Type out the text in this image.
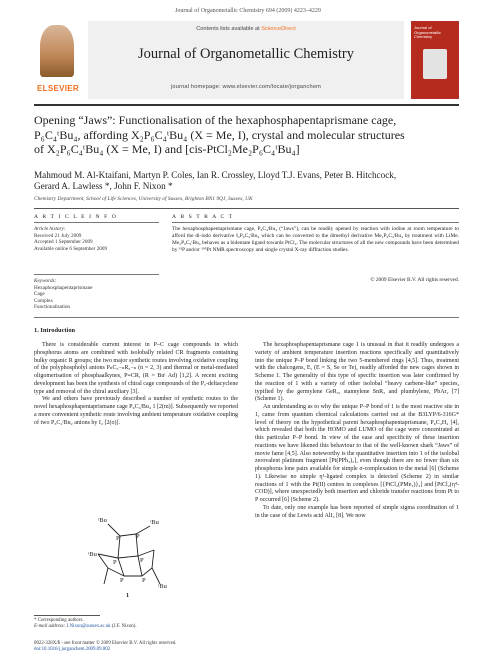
Journal of Organometallic Chemistry 694 (2009) 4223–4229
ELSEVIER
Contents lists available at ScienceDirect
Journal of Organometallic Chemistry
journal homepage: www.elsevier.com/locate/jorganchem
Journal of Organometallic Chemistry
Opening “Jaws”: Functionalisation of the hexaphosphapentaprismane cage,
P₆C₄ᵗBu₄, affording X₂P₆C₄ᵗBu₄ (X = Me, I), crystal and molecular structures
of X₂P₆C₄ᵗBu₄ (X = Me, I) and [cis-PtCl₂Me₂P₆C₄ᵗBu₄]
Mahmoud M. Al-Ktaifani, Martyn P. Coles, Ian R. Crossley, Lloyd T.J. Evans, Peter B. Hitchcock,
Gerard A. Lawless *, John F. Nixon *
Chemistry Department, School of Life Sciences, University of Sussex, Brighton BN1 9QJ, Sussex, UK
A R T I C L E I N F O	A B S T R A C T
Article history:
Received 21 July 2009
Accepted 1 September 2009
Available online 6 September 2009
Keywords:
Hexaphosphapentaprismane
Cage
Complex
Functionalisation
The hexaphosphapentaprismane cage, P₆C₄ᵗBu₄ (“Jaws”), can be readily opened by reaction with iodine at room temperature to afford the di-iodo derivative I₂P₆C₄ᵗBu₄ which can be converted to the dimethyl derivative Me₂P₆C₄ᵗBu₄ by treatment with LiMe. Me₂P₆C₄ᵗBu₄ behaves as a bidentate ligand towards PtCl₂. The molecular structures of all the new compounds have been determined by ³¹P and/or ¹⁹⁵Pt NMR spectroscopy and single crystal X-ray diffraction studies.
© 2009 Elsevier B.V. All rights reserved.
1. Introduction

There is considerable current interest in P–C cage compounds in which phosphorus atoms are combined with isolobally related CR fragments containing bulky organic R groups; the two major synthetic routes involving oxidative coupling of the polyphospholyl anions PₙC₅₋ₙR₅₋ₙ (n = 2, 3) and thermal or metal-mediated oligomerisation of phosphaalkynes, P≡CR, (R = Buᵗ Ad) [1,2]. A recent exciting development has been the synthesis of chiral cage compounds of the P₅-deltacyclene type and removal of the chiral auxiliary [3].

We and others have previously described a number of synthetic routes to the novel hexaphosphapentaprismane cage P₆C₄ᵗBu₄ 1 [2(m)]. Subsequently we reported a more convenient synthetic route involving ambient temperature oxidative coupling of two P₃C₂ᵗBu₂ anions by I₂ [2(o)].

ᵗBu	ᵗBu
ᵗBu
ᵗBu
P	P
P	P
P	P
1

The hexaphosphapentaprismane cage 1 is unusual in that it readily undergoes a variety of ambient temperature insertion reactions specifically and quantitatively into the unique P–P bond linking the two 5-membered rings [4,5]. Thus, treatment with the chalcogens, E, (E = S, Se or Te), readily afforded the new cages shown in Scheme 1. The generality of this type of specific insertion was later confirmed by the reaction of 1 with a variety of other isolobal “heavy carbene-like” species, typified by the germylene GeR₂, stannylene SnR₂ and plumbylene, PbAr₂ [7] (Scheme 1).

An understanding as to why the unique P–P bond of 1 is the most reactive site in 1, came from quantum chemical calculations carried out at the B3LYP/6-316G* level of theory on the hypothetical parent hexaphosphapentaprismane, P₆C₄H₄ [4], which revealed that both the HOMO and LUMO of the cage were concentrated at this particular P–P bond. In view of the ease and specificity of these insertion reactions we have likened this behaviour to that of the well-known shark “Jaws” of movie fame [4,5]. Also noteworthy is the quantitative insertion into 1 of the isolobal zerovalent platinum fragment [Pt(PPh₃)₂], even though there are no fewer than six phosphorus lone pairs available for simple σ-complexation to the metal [6] (Scheme 1). Likewise no simple η¹-ligated complex is detected (Scheme 2) in similar reactions of 1 with the Pt(II) centres in complexes [{PtCl₂(PMe₃)}₂] and [PtCl₂(η⁴-COD)], where unexpectedly both insertion and chloride transfer reactions from Pt to P occurred [6] (Scheme 2).

To date, only one example has been reported of simple sigma coordination of 1 in the case of the Lewis acid AlI₃ [8]. We now

* Corresponding authors.
E-mail address: J.Nixon@sussex.ac.uk (J.F. Nixon).
0022-328X/$ - see front matter © 2009 Elsevier B.V. All rights reserved.
doi:10.1016/j.jorganchem.2009.09.002
